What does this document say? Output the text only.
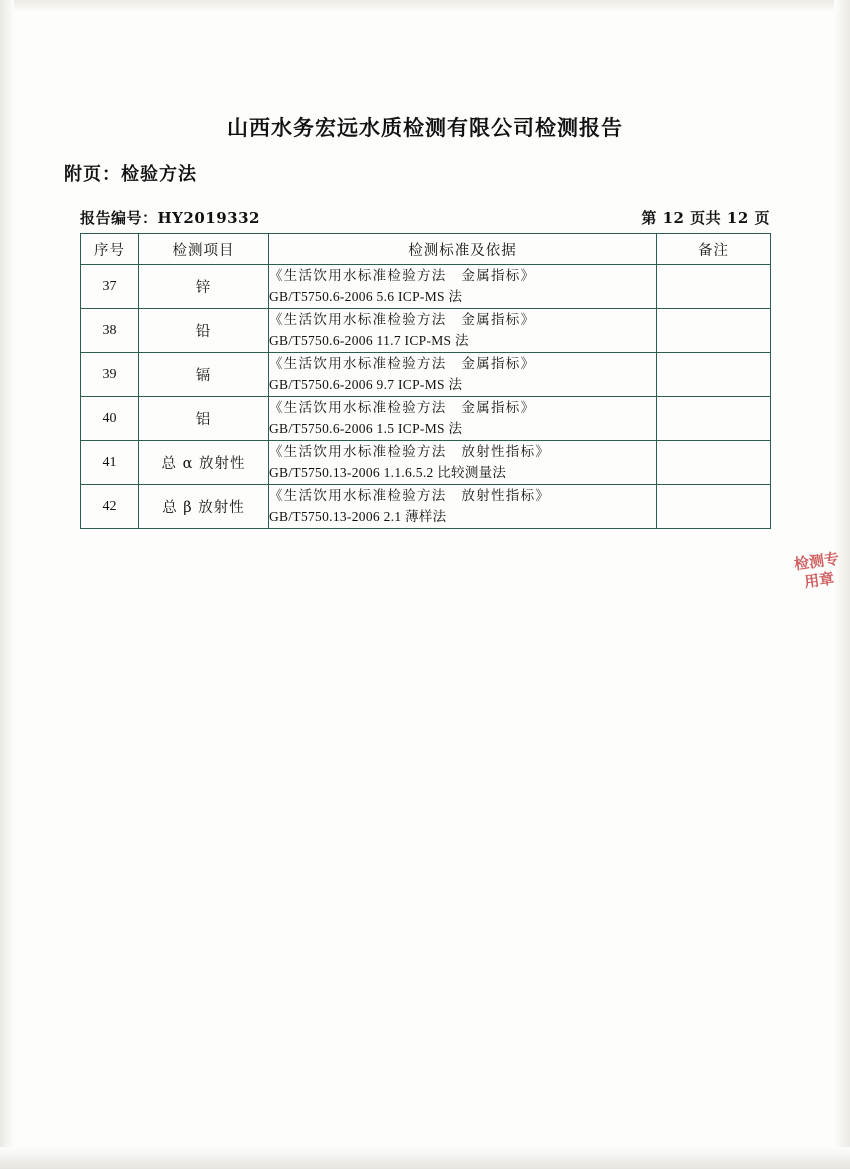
山西水务宏远水质检测有限公司检测报告
附页：检验方法
报告编号：HY2019332	第 12 页共 12 页
序号	检测项目	检测标准及依据	备注
37	锌	《生活饮用水标准检验方法　金属指标》
GB/T5750.6-2006 5.6 ICP-MS 法	

38	铅	《生活饮用水标准检验方法　金属指标》
GB/T5750.6-2006 11.7 ICP-MS 法	

39	镉	《生活饮用水标准检验方法　金属指标》
GB/T5750.6-2006 9.7 ICP-MS 法	

40	铝	《生活饮用水标准检验方法　金属指标》
GB/T5750.6-2006 1.5 ICP-MS 法	

41	总 α 放射性	《生活饮用水标准检验方法　放射性指标》
GB/T5750.13-2006 1.1.6.5.2 比较测量法	

42	总 β 放射性	《生活饮用水标准检验方法　放射性指标》
GB/T5750.13-2006 2.1 薄样法	

检测专用章
